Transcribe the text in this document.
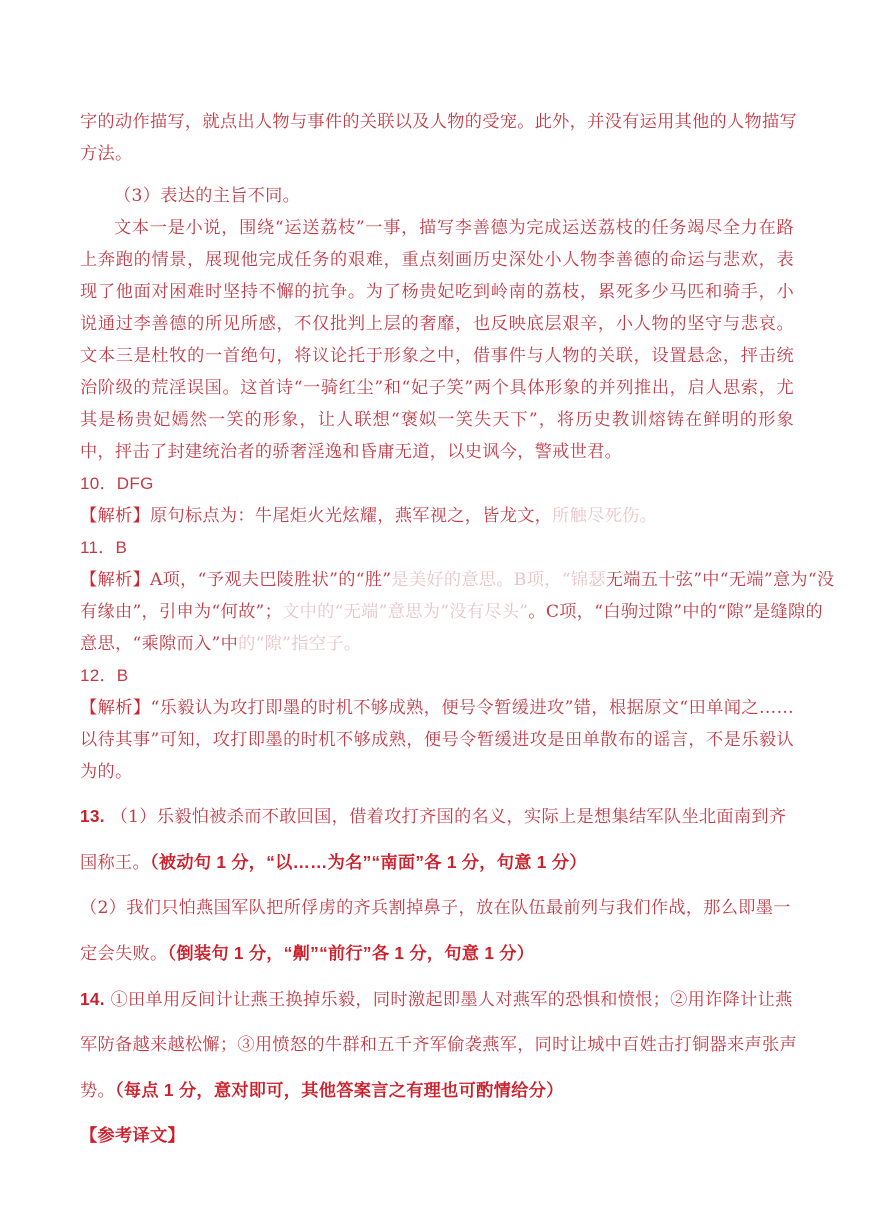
字的动作描写，就点出人物与事件的关联以及人物的受宠。此外，并没有运用其他的人物描写
方法。
（3）表达的主旨不同。
文本一是小说，围绕“运送荔枝”一事，描写李善德为完成运送荔枝的任务竭尽全力在路上奔跑的情景，展现他完成任务的艰难，重点刻画历史深处小人物李善德的命运与悲欢，表现了他面对困难时坚持不懈的抗争。为了杨贵妃吃到岭南的荔枝，累死多少马匹和骑手，小说通过李善德的所见所感，不仅批判上层的奢靡，也反映底层艰辛，小人物的坚守与悲哀。文本三是杜牧的一首绝句，将议论托于形象之中，借事件与人物的关联，设置悬念，抨击统治阶级的荒淫误国。这首诗“一骑红尘”和“妃子笑”两个具体形象的并列推出，启人思索，尤其是杨贵妃嫣然一笑的形象，让人联想“褒姒一笑失天下”，将历史教训熔铸在鲜明的形象中，抨击了封建统治者的骄奢淫逸和昏庸无道，以史讽今，警戒世君。
10．DFG
【解析】原句标点为：牛尾炬火光炫耀，燕军视之，皆龙文，所触尽死伤。
11．B
【解析】A项，“予观夫巴陵胜状”的“胜”是美好的意思。B项，“锦瑟无端五十弦”中“无端”意为“没
有缘由”，引申为“何故”；文中的“无端”意思为“没有尽头”。C项，“白驹过隙”中的“隙”是缝隙的
意思，“乘隙而入”中的“隙”指空子。
12．B
【解析】“乐毅认为攻打即墨的时机不够成熟，便号令暂缓进攻”错，根据原文“田单闻之……以待其事”可知，攻打即墨的时机不够成熟，便号令暂缓进攻是田单散布的谣言，不是乐毅认为的。
13. （1）乐毅怕被杀而不敢回国，借着攻打齐国的名义，实际上是想集结军队坐北面南到齐
国称王。（被动句 1 分，“以……为名”“南面”各 1 分，句意 1 分）
（2）我们只怕燕国军队把所俘虏的齐兵割掉鼻子，放在队伍最前列与我们作战，那么即墨一
定会失败。（倒装句 1 分，“劓”“前行”各 1 分，句意 1 分）
14. ①田单用反间计让燕王换掉乐毅，同时激起即墨人对燕军的恐惧和愤恨；②用诈降计让燕
军防备越来越松懈；③用愤怒的牛群和五千齐军偷袭燕军，同时让城中百姓击打铜器来声张声
势。（每点 1 分，意对即可，其他答案言之有理也可酌情给分）
【参考译文】
